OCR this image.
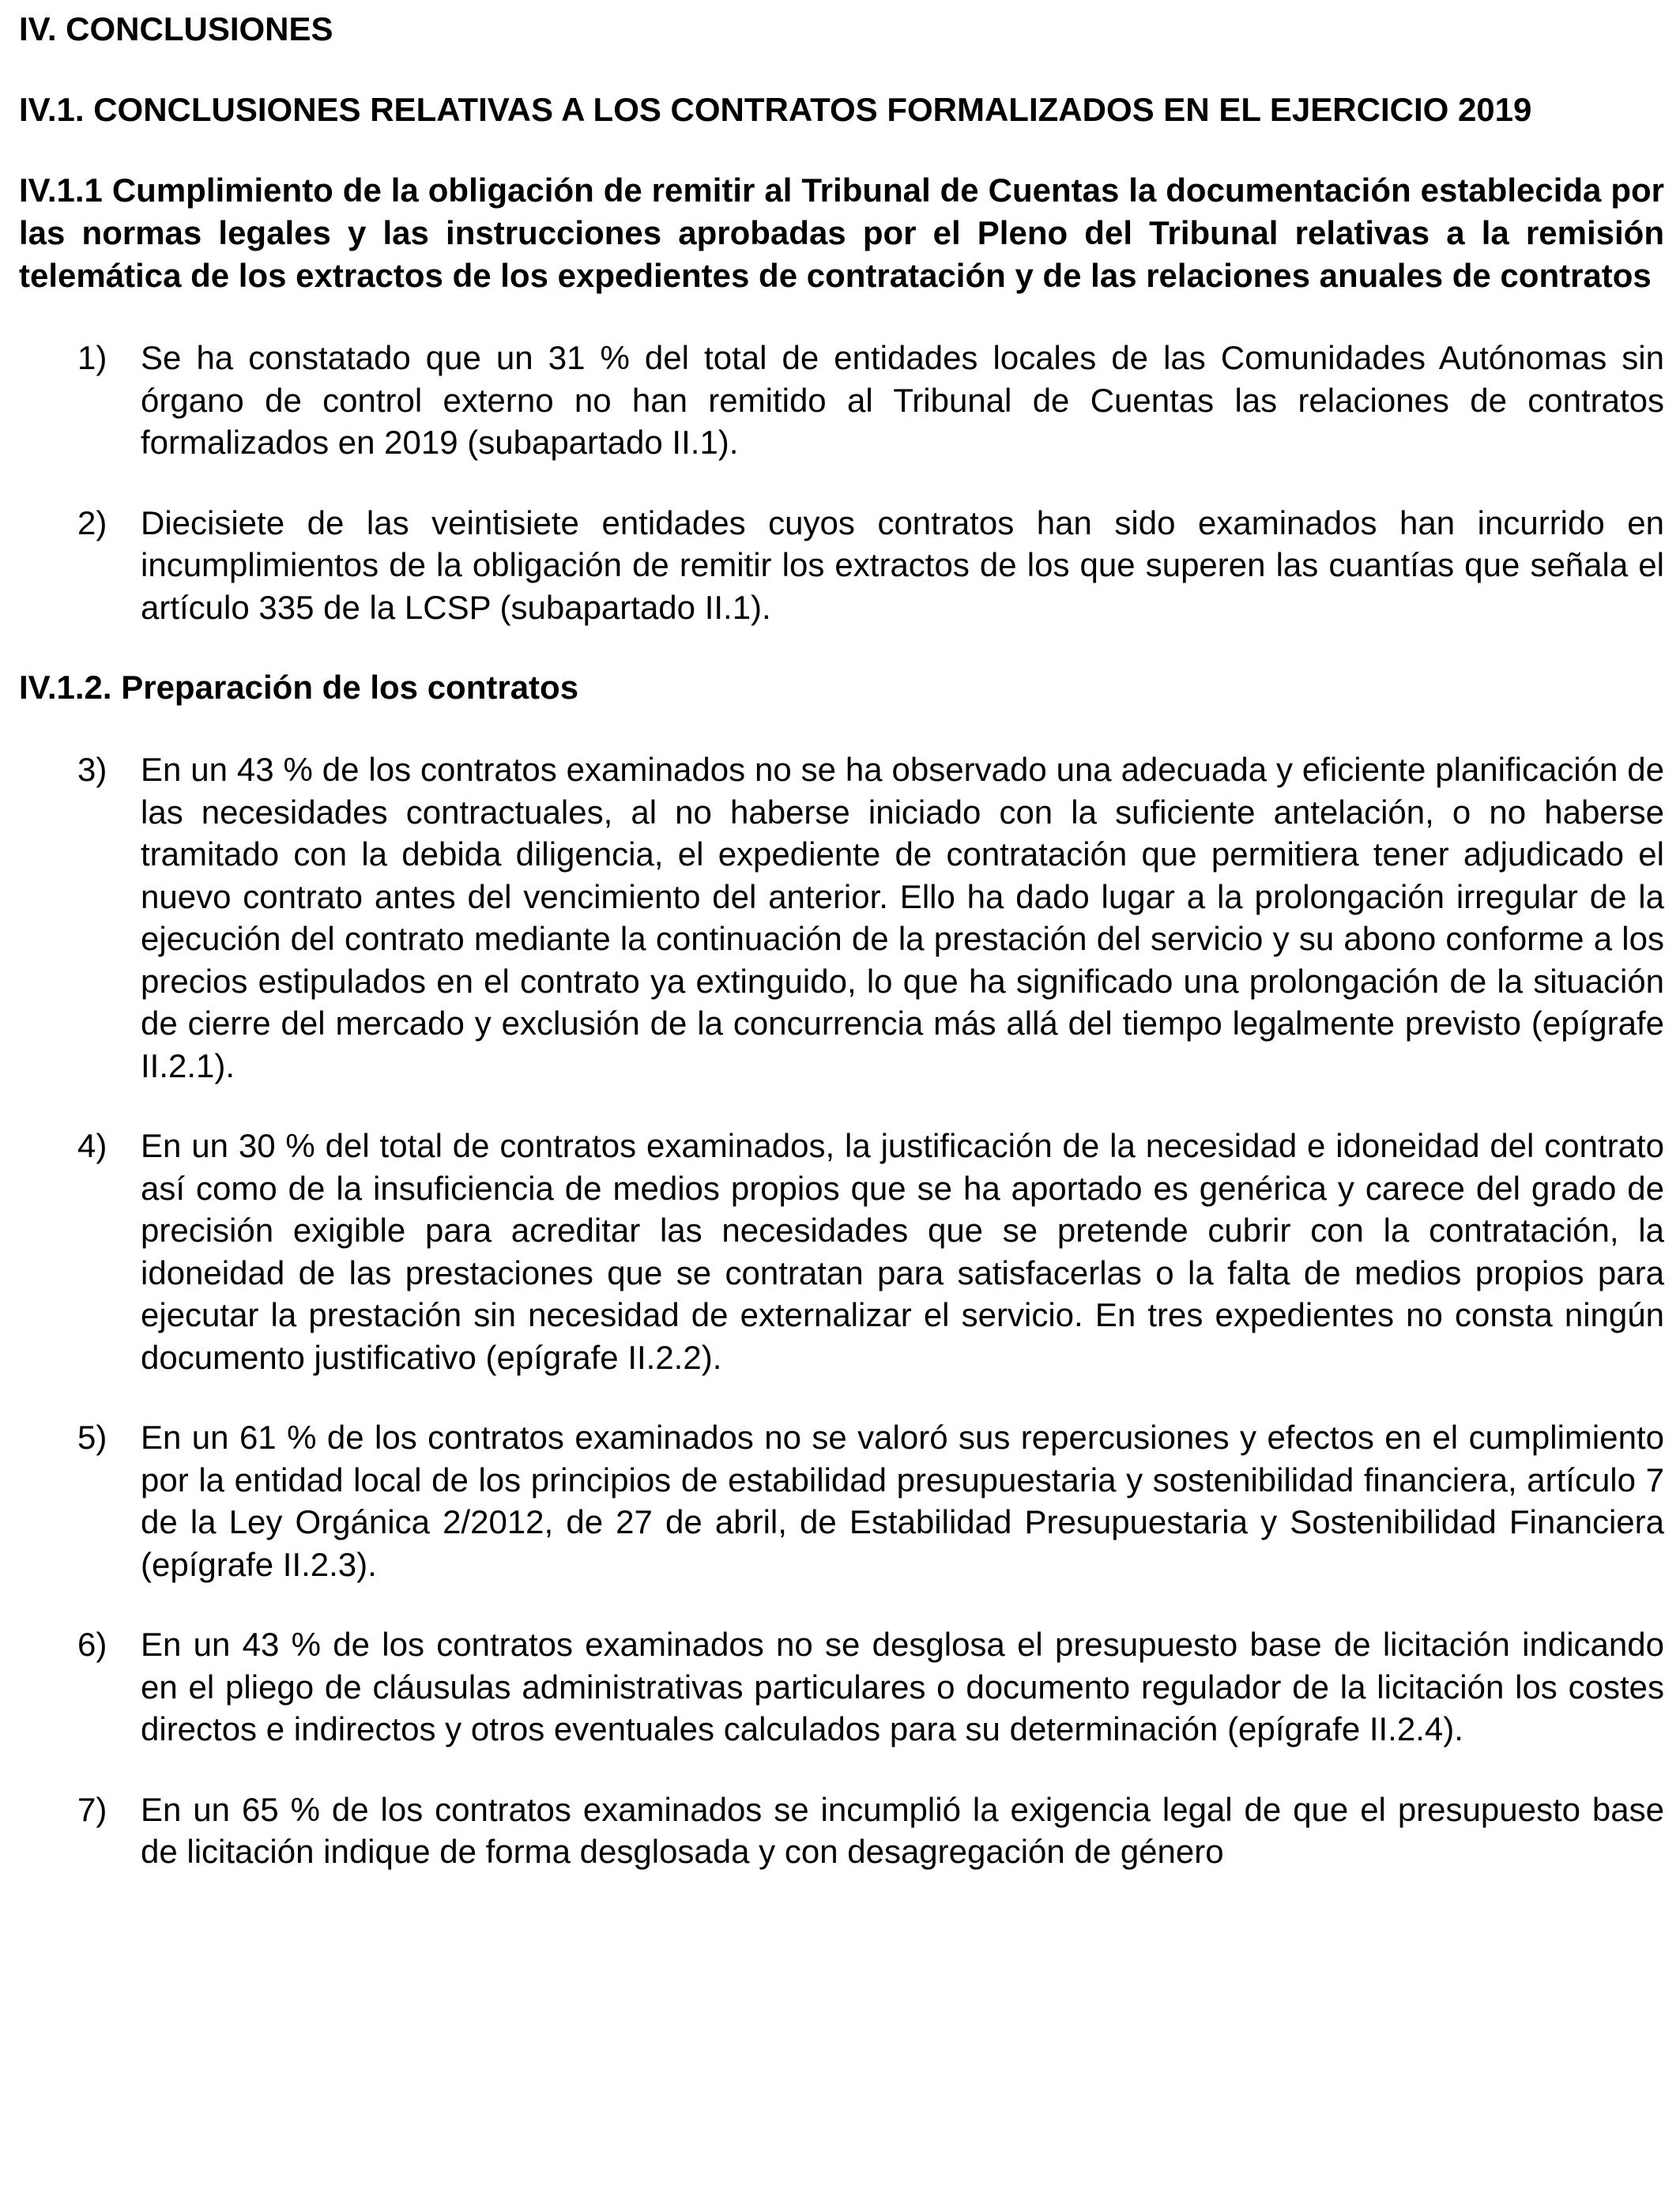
IV. CONCLUSIONES
IV.1. CONCLUSIONES RELATIVAS A LOS CONTRATOS FORMALIZADOS EN EL EJERCICIO 2019
IV.1.1 Cumplimiento de la obligación de remitir al Tribunal de Cuentas la documentación establecida por las normas legales y las instrucciones aprobadas por el Pleno del Tribunal relativas a la remisión telemática de los extractos de los expedientes de contratación y de las relaciones anuales de contratos
1) Se ha constatado que un 31 % del total de entidades locales de las Comunidades Autónomas sin órgano de control externo no han remitido al Tribunal de Cuentas las relaciones de contratos formalizados en 2019 (subapartado II.1).
2) Diecisiete de las veintisiete entidades cuyos contratos han sido examinados han incurrido en incumplimientos de la obligación de remitir los extractos de los que superen las cuantías que señala el artículo 335 de la LCSP (subapartado II.1).
IV.1.2. Preparación de los contratos
3) En un 43 % de los contratos examinados no se ha observado una adecuada y eficiente planificación de las necesidades contractuales, al no haberse iniciado con la suficiente antelación, o no haberse tramitado con la debida diligencia, el expediente de contratación que permitiera tener adjudicado el nuevo contrato antes del vencimiento del anterior. Ello ha dado lugar a la prolongación irregular de la ejecución del contrato mediante la continuación de la prestación del servicio y su abono conforme a los precios estipulados en el contrato ya extinguido, lo que ha significado una prolongación de la situación de cierre del mercado y exclusión de la concurrencia más allá del tiempo legalmente previsto (epígrafe II.2.1).
4) En un 30 % del total de contratos examinados, la justificación de la necesidad e idoneidad del contrato así como de la insuficiencia de medios propios que se ha aportado es genérica y carece del grado de precisión exigible para acreditar las necesidades que se pretende cubrir con la contratación, la idoneidad de las prestaciones que se contratan para satisfacerlas o la falta de medios propios para ejecutar la prestación sin necesidad de externalizar el servicio. En tres expedientes no consta ningún documento justificativo (epígrafe II.2.2).
5) En un 61 % de los contratos examinados no se valoró sus repercusiones y efectos en el cumplimiento por la entidad local de los principios de estabilidad presupuestaria y sostenibilidad financiera, artículo 7 de la Ley Orgánica 2/2012, de 27 de abril, de Estabilidad Presupuestaria y Sostenibilidad Financiera (epígrafe II.2.3).
6) En un 43 % de los contratos examinados no se desglosa el presupuesto base de licitación indicando en el pliego de cláusulas administrativas particulares o documento regulador de la licitación los costes directos e indirectos y otros eventuales calculados para su determinación (epígrafe II.2.4).
7) En un 65 % de los contratos examinados se incumplió la exigencia legal de que el presupuesto base de licitación indique de forma desglosada y con desagregación de género
